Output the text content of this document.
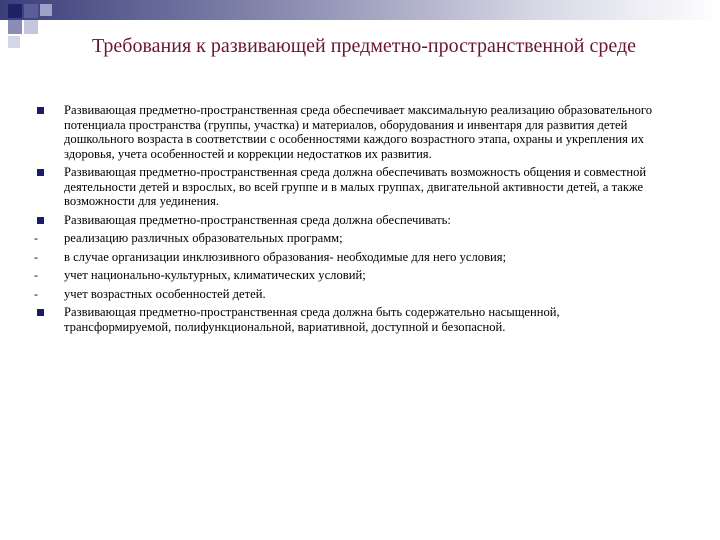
Требования к развивающей предметно-пространственной среде
Развивающая предметно-пространственная среда обеспечивает максимальную реализацию образовательного потенциала пространства (группы, участка) и материалов, оборудования и инвентаря для развития детей дошкольного возраста в соответствии с особенностями каждого возрастного этапа, охраны и укрепления их здоровья, учета особенностей и коррекции недостатков их развития.
Развивающая предметно-пространственная среда должна обеспечивать возможность общения и совместной деятельности детей и взрослых, во всей группе и в малых группах, двигательной активности детей, а также возможности для уединения.
Развивающая предметно-пространственная среда должна обеспечивать:
-	реализацию различных образовательных программ;
-	в случае организации инклюзивного образования- необходимые для него условия;
-	учет национально-культурных, климатических условий;
-	учет возрастных особенностей детей.
Развивающая предметно-пространственная среда должна быть содержательно насыщенной, трансформируемой, полифункциональной, вариативной, доступной и безопасной.
